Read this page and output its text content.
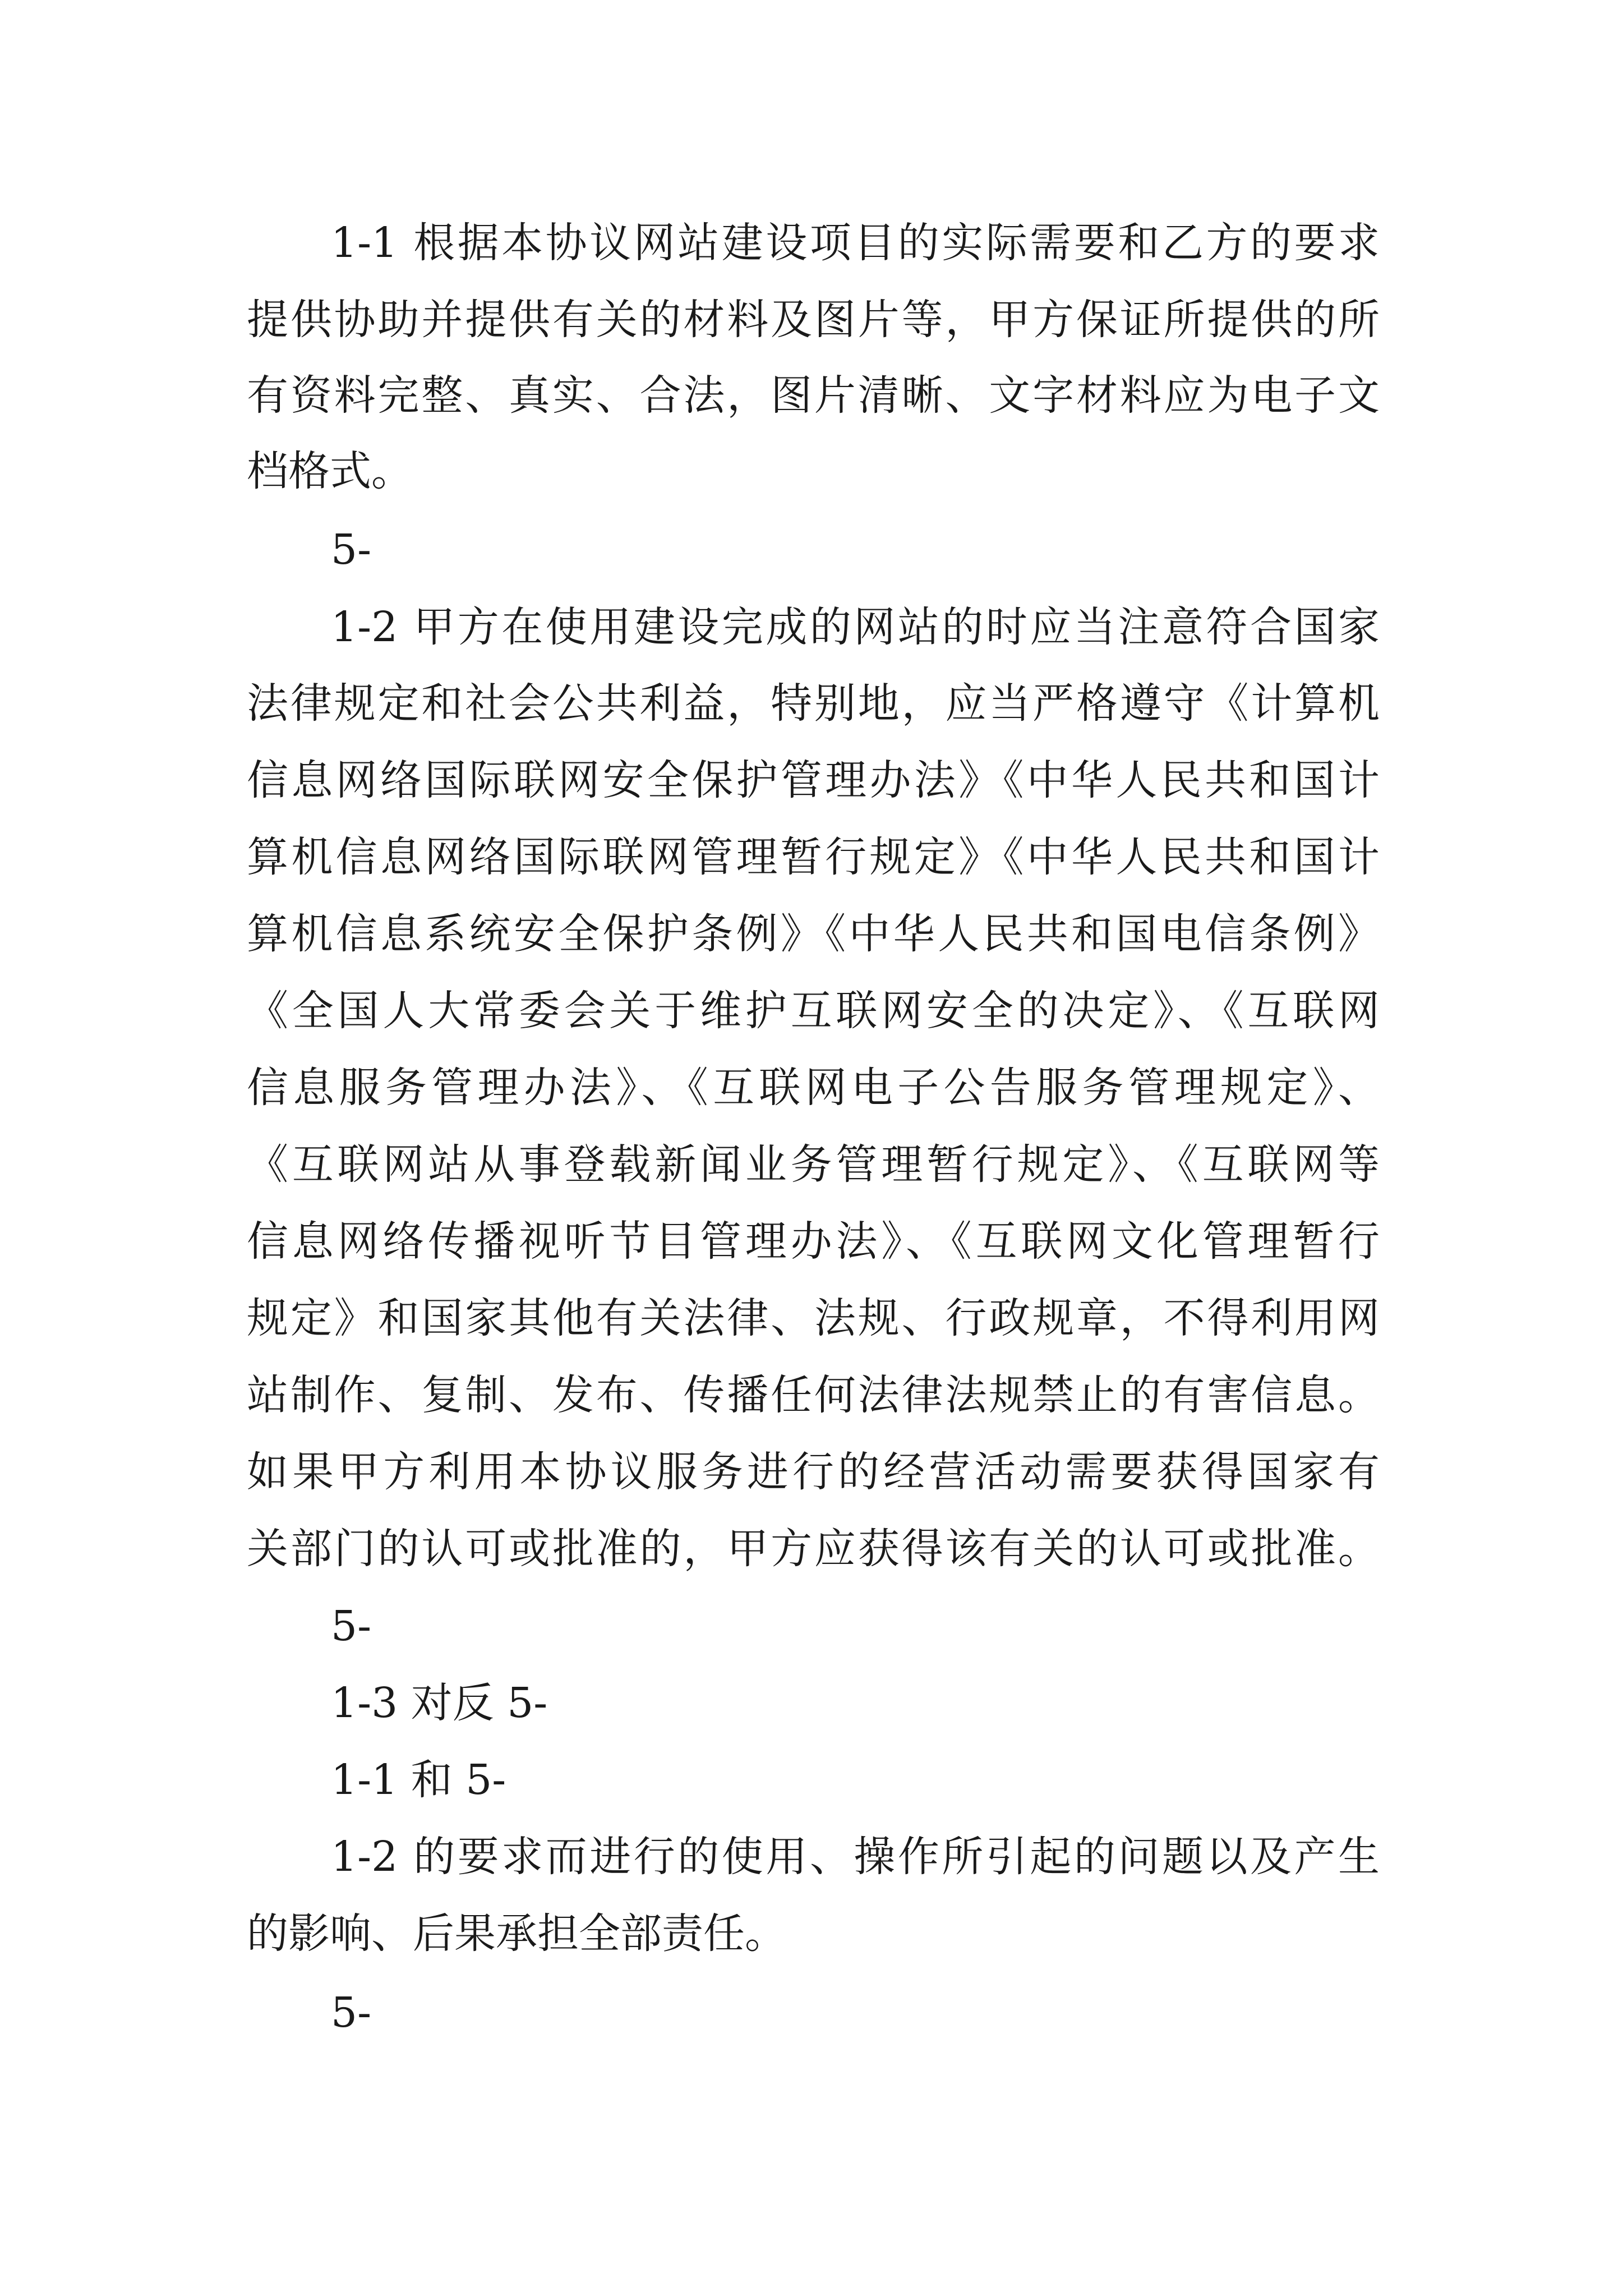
1-1 根据本协议网站建设项目的实际需要和乙方的要求
提供协助并提供有关的材料及图片等，甲方保证所提供的所
有资料完整、真实、合法，图片清晰、文字材料应为电子文
档格式。
5-
1-2 甲方在使用建设完成的网站的时应当注意符合国家
法律规定和社会公共利益，特别地，应当严格遵守《计算机
信息网络国际联网安全保护管理办法》《中华人民共和国计
算机信息网络国际联网管理暂行规定》《中华人民共和国计
算机信息系统安全保护条例》《中华人民共和国电信条例》
《全国人大常委会关于维护互联网安全的决定》、《互联网
信息服务管理办法》、《互联网电子公告服务管理规定》、
《互联网站从事登载新闻业务管理暂行规定》、《互联网等
信息网络传播视听节目管理办法》、《互联网文化管理暂行
规定》和国家其他有关法律、法规、行政规章，不得利用网
站制作、复制、发布、传播任何法律法规禁止的有害信息。
如果甲方利用本协议服务进行的经营活动需要获得国家有
关部门的认可或批准的，甲方应获得该有关的认可或批准。
5-
1-3 对反 5-
1-1 和 5-
1-2 的要求而进行的使用、操作所引起的问题以及产生
的影响、后果承担全部责任。
5-
